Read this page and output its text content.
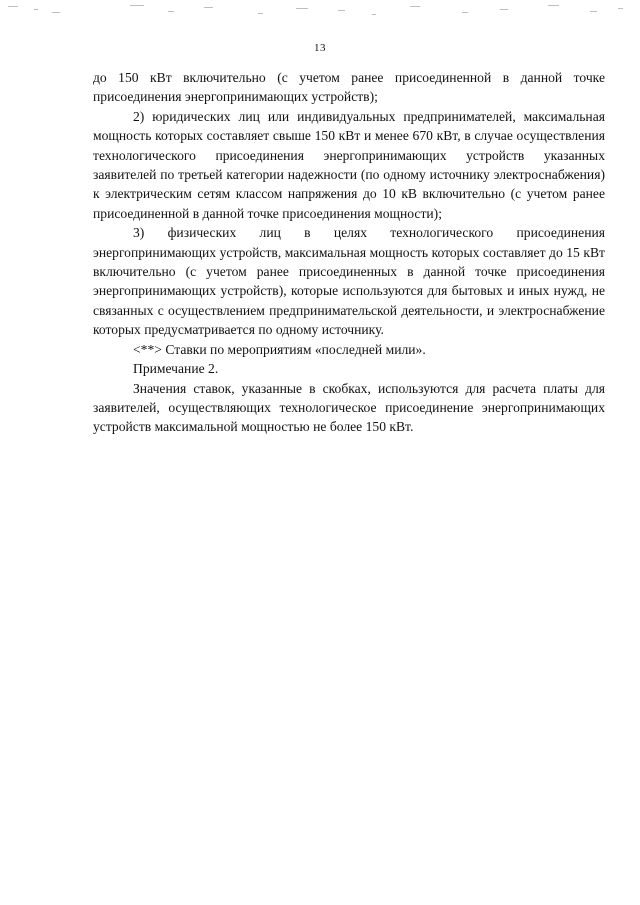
13

до 150 кВт включительно (с учетом ранее присоединенной в данной точке присоединения энергопринимающих устройств);

2) юридических лиц или индивидуальных предпринимателей, максимальная мощность которых составляет свыше 150 кВт и менее 670 кВт, в случае осуществления технологического присоединения энергопринимающих устройств указанных заявителей по третьей категории надежности (по одному источнику электроснабжения) к электрическим сетям классом напряжения до 10 кВ включительно (с учетом ранее присоединенной в данной точке присоединения мощности);

3) физических лиц в целях технологического присоединения энергопринимающих устройств, максимальная мощность которых составляет до 15 кВт включительно (с учетом ранее присоединенных в данной точке присоединения энергопринимающих устройств), которые используются для бытовых и иных нужд, не связанных с осуществлением предпринимательской деятельности, и электроснабжение которых предусматривается по одному источнику.

<**> Ставки по мероприятиям «последней мили».

Примечание 2.

Значения ставок, указанные в скобках, используются для расчета платы для заявителей, осуществляющих технологическое присоединение энергопринимающих устройств максимальной мощностью не более 150 кВт.
